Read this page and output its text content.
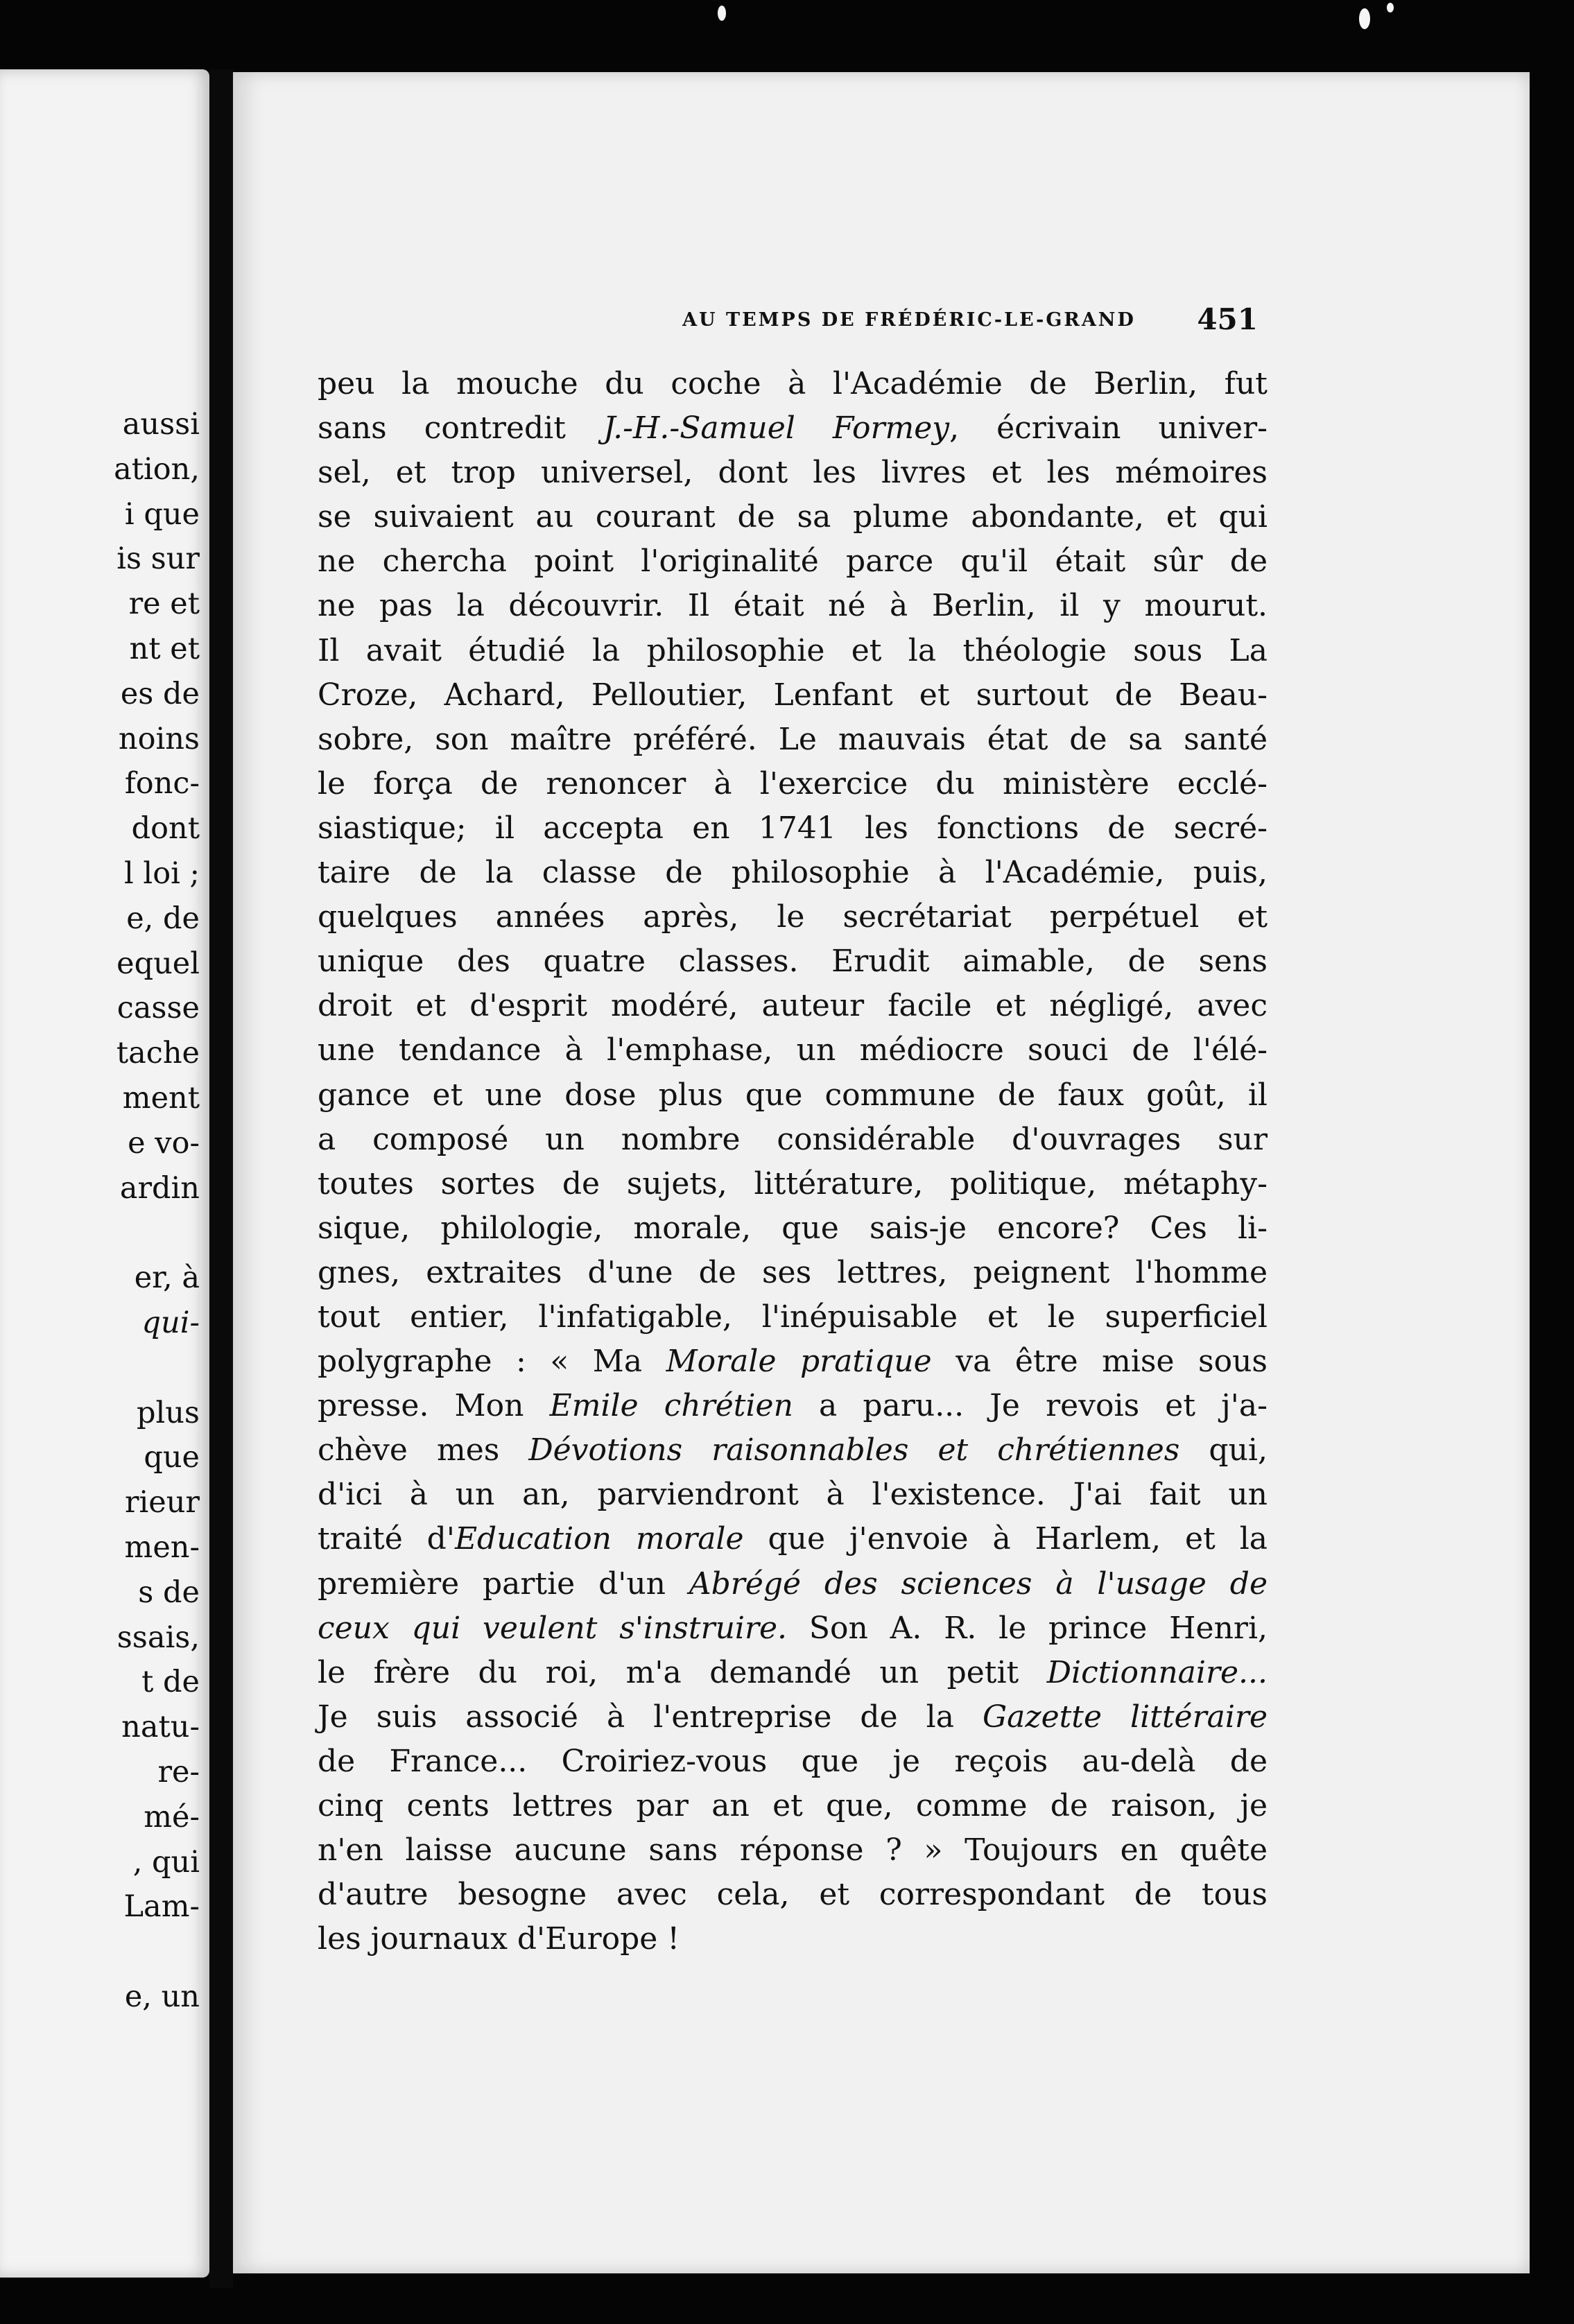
aussi
ation,
i que
is sur
re et
nt et
es de
noins
fonc-
dont
l loi ;
e, de
equel
casse
tache
ment
e vo-
ardin
er, à
qui-
plus
que
rieur
men-
s de
ssais,
t de
natu-
re-
mé-
, qui
Lam-
e, un
AU TEMPS DE FRÉDÉRIC-LE-GRAND	451
peu la mouche du coche à l'Académie de Berlin, fut
sans contredit J.-H.-Samuel Formey, écrivain univer-
sel, et trop universel, dont les livres et les mémoires
se suivaient au courant de sa plume abondante, et qui
ne chercha point l'originalité parce qu'il était sûr de
ne pas la découvrir. Il était né à Berlin, il y mourut.
Il avait étudié la philosophie et la théologie sous La
Croze, Achard, Pelloutier, Lenfant et surtout de Beau-
sobre, son maître préféré. Le mauvais état de sa santé
le força de renoncer à l'exercice du ministère ecclé-
siastique; il accepta en 1741 les fonctions de secré-
taire de la classe de philosophie à l'Académie, puis,
quelques années après, le secrétariat perpétuel et
unique des quatre classes. Erudit aimable, de sens
droit et d'esprit modéré, auteur facile et négligé, avec
une tendance à l'emphase, un médiocre souci de l'élé-
gance et une dose plus que commune de faux goût, il
a composé un nombre considérable d'ouvrages sur
toutes sortes de sujets, littérature, politique, métaphy-
sique, philologie, morale, que sais-je encore? Ces li-
gnes, extraites d'une de ses lettres, peignent l'homme
tout entier, l'infatigable, l'inépuisable et le superficiel
polygraphe : « Ma Morale pratique va être mise sous
presse. Mon Emile chrétien a paru... Je revois et j'a-
chève mes Dévotions raisonnables et chrétiennes qui,
d'ici à un an, parviendront à l'existence. J'ai fait un
traité d'Education morale que j'envoie à Harlem, et la
première partie d'un Abrégé des sciences à l'usage de
ceux qui veulent s'instruire. Son A. R. le prince Henri,
le frère du roi, m'a demandé un petit Dictionnaire...
Je suis associé à l'entreprise de la Gazette littéraire
de France... Croiriez-vous que je reçois au-delà de
cinq cents lettres par an et que, comme de raison, je
n'en laisse aucune sans réponse ? » Toujours en quête
d'autre besogne avec cela, et correspondant de tous
les journaux d'Europe !
